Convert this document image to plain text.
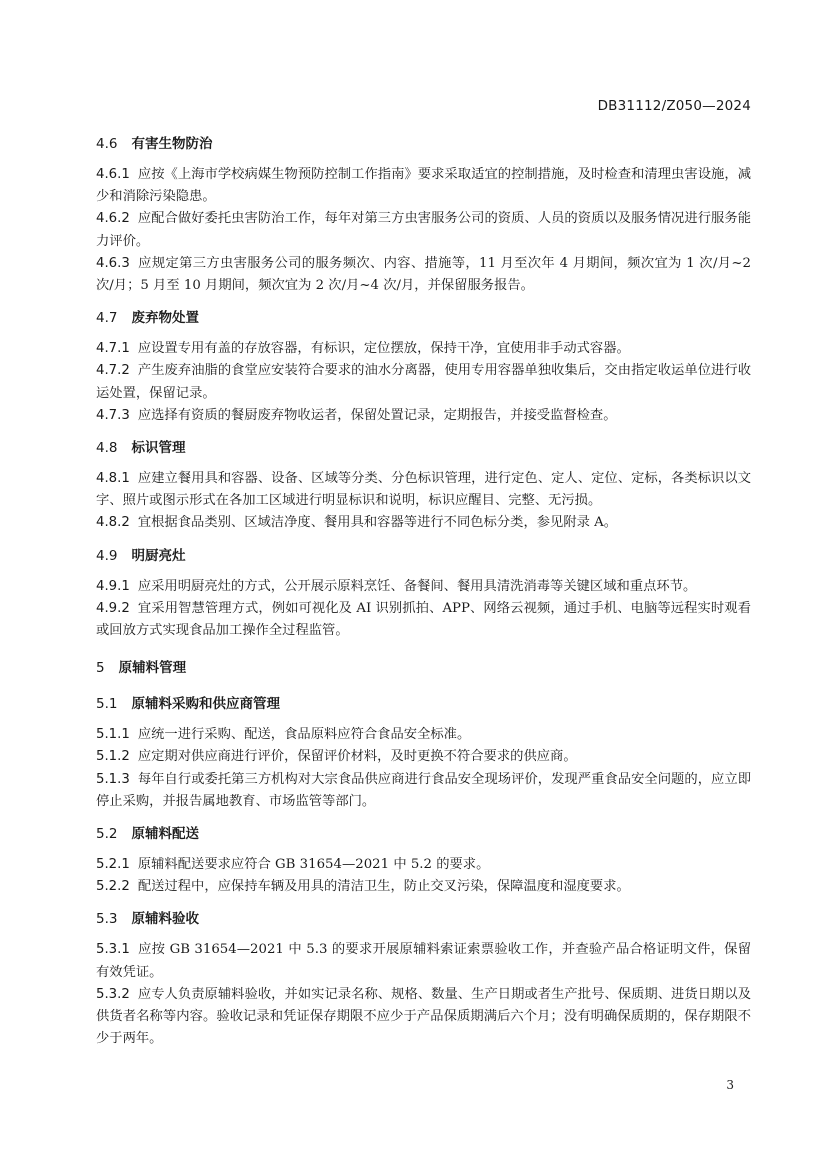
DB31112/Z050—2024
4.6 有害生物防治

4.6.1 应按《上海市学校病媒生物预防控制工作指南》要求采取适宜的控制措施，及时检查和清理虫害设施，减少和消除污染隐患。

4.6.2 应配合做好委托虫害防治工作，每年对第三方虫害服务公司的资质、人员的资质以及服务情况进行服务能力评价。

4.6.3 应规定第三方虫害服务公司的服务频次、内容、措施等，11 月至次年 4 月期间，频次宜为 1 次/月~2 次/月；5 月至 10 月期间，频次宜为 2 次/月~4 次/月，并保留服务报告。

4.7 废弃物处置

4.7.1 应设置专用有盖的存放容器，有标识，定位摆放，保持干净，宜使用非手动式容器。

4.7.2 产生废弃油脂的食堂应安装符合要求的油水分离器，使用专用容器单独收集后，交由指定收运单位进行收运处置，保留记录。

4.7.3 应选择有资质的餐厨废弃物收运者，保留处置记录，定期报告，并接受监督检查。

4.8 标识管理

4.8.1 应建立餐用具和容器、设备、区域等分类、分色标识管理，进行定色、定人、定位、定标，各类标识以文字、照片或图示形式在各加工区域进行明显标识和说明，标识应醒目、完整、无污损。

4.8.2 宜根据食品类别、区域洁净度、餐用具和容器等进行不同色标分类，参见附录 A。

4.9 明厨亮灶

4.9.1 应采用明厨亮灶的方式，公开展示原料烹饪、备餐间、餐用具清洗消毒等关键区域和重点环节。

4.9.2 宜采用智慧管理方式，例如可视化及 AI 识别抓拍、APP、网络云视频，通过手机、电脑等远程实时观看或回放方式实现食品加工操作全过程监管。

5 原辅料管理
5.1 原辅料采购和供应商管理

5.1.1 应统一进行采购、配送，食品原料应符合食品安全标准。

5.1.2 应定期对供应商进行评价，保留评价材料，及时更换不符合要求的供应商。

5.1.3 每年自行或委托第三方机构对大宗食品供应商进行食品安全现场评价，发现严重食品安全问题的，应立即停止采购，并报告属地教育、市场监管等部门。

5.2 原辅料配送

5.2.1 原辅料配送要求应符合 GB 31654—2021 中 5.2 的要求。

5.2.2 配送过程中，应保持车辆及用具的清洁卫生，防止交叉污染，保障温度和湿度要求。

5.3 原辅料验收

5.3.1 应按 GB 31654—2021 中 5.3 的要求开展原辅料索证索票验收工作，并查验产品合格证明文件，保留有效凭证。

5.3.2 应专人负责原辅料验收，并如实记录名称、规格、数量、生产日期或者生产批号、保质期、进货日期以及供货者名称等内容。验收记录和凭证保存期限不应少于产品保质期满后六个月；没有明确保质期的，保存期限不少于两年。

3
